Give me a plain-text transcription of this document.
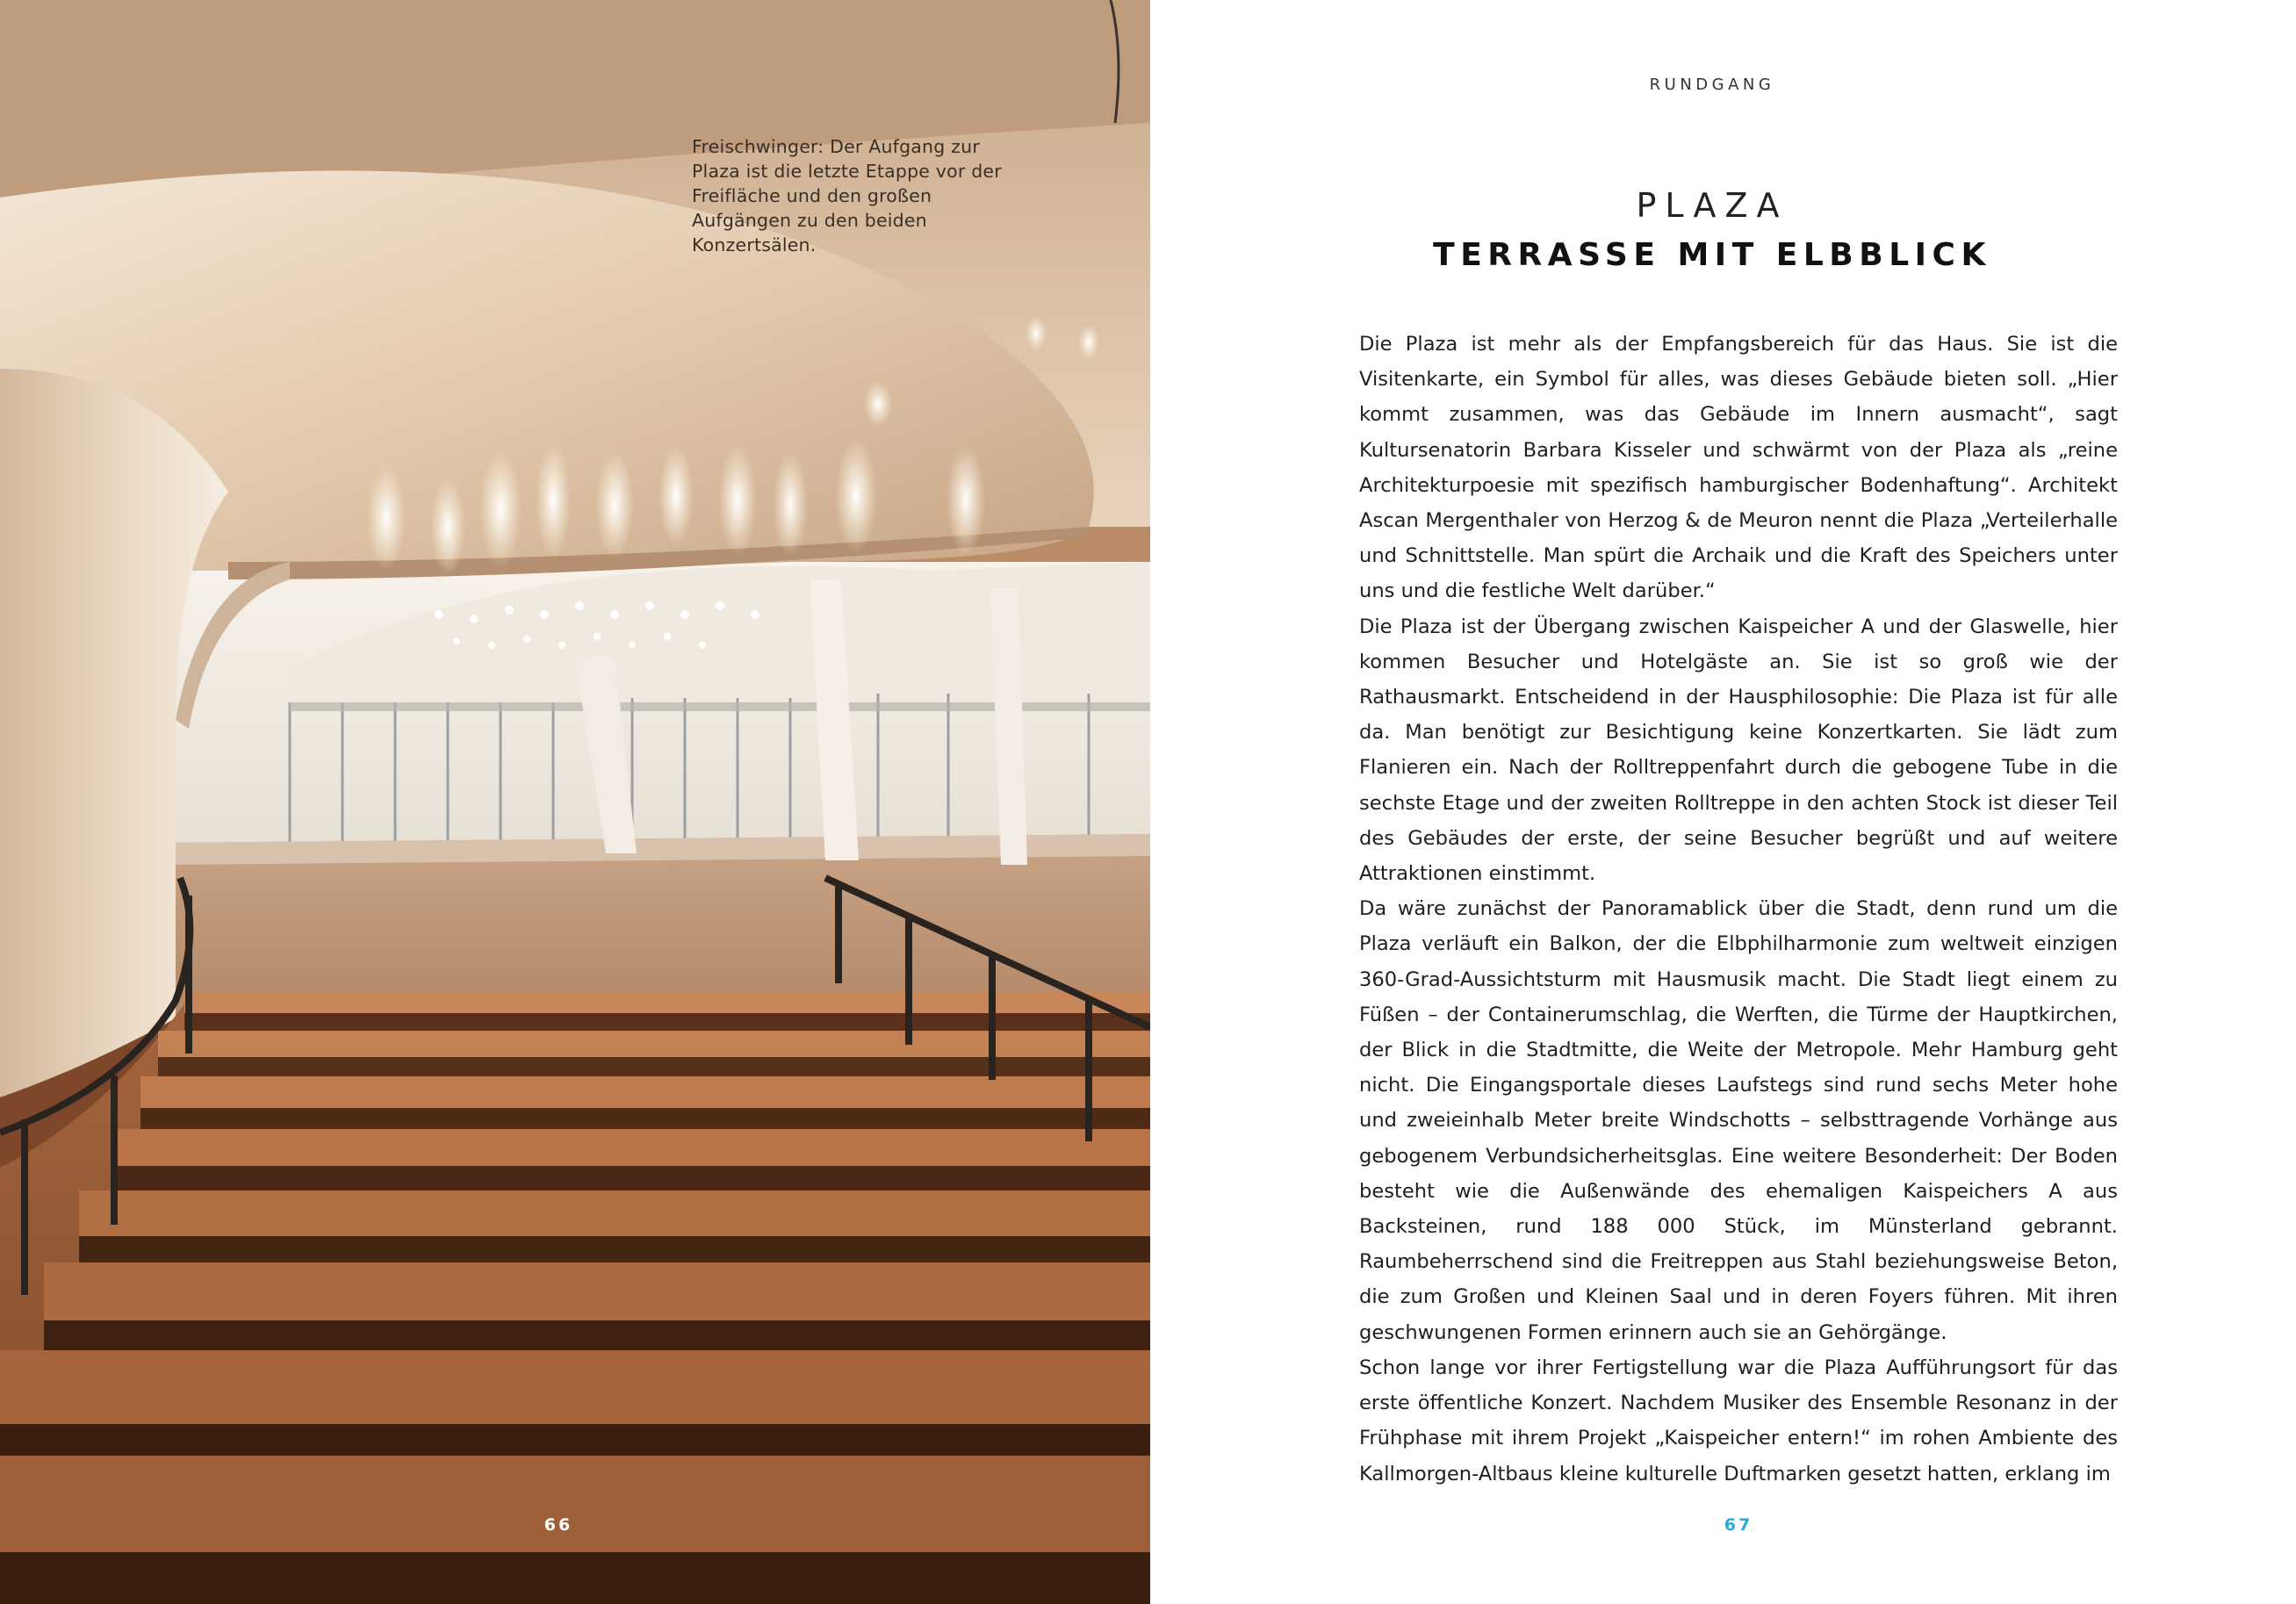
Freischwinger: Der Aufgang zur Plaza ist die letzte Etappe vor der Freifläche und den großen Aufgängen zu den beiden Konzertsälen.
66
RUNDGANG
PLAZA
TERRASSE MIT ELBBLICK

Die Plaza ist mehr als der Empfangsbereich für das Haus. Sie ist die Visitenkarte, ein Symbol für alles, was dieses Gebäude bieten soll. „Hier kommt zusammen, was das Gebäude im Innern ausmacht“, sagt Kultursenatorin Barbara Kisseler und schwärmt von der Plaza als „reine Architekturpoesie mit spezifisch hamburgischer Bodenhaftung“. Architekt Ascan Mergenthaler von Herzog & de Meuron nennt die Plaza „Verteilerhalle und Schnittstelle. Man spürt die Archaik und die Kraft des Speichers unter uns und die festliche Welt darüber.“

Die Plaza ist der Übergang zwischen Kaispeicher A und der Glaswelle, hier kommen Besucher und Hotelgäste an. Sie ist so groß wie der Rathausmarkt. Entscheidend in der Hausphilosophie: Die Plaza ist für alle da. Man benötigt zur Besichtigung keine Konzertkarten. Sie lädt zum Flanieren ein. Nach der Rolltreppenfahrt durch die gebogene Tube in die sechste Etage und der zweiten Rolltreppe in den achten Stock ist dieser Teil des Gebäudes der erste, der seine Besucher begrüßt und auf weitere Attraktionen einstimmt.

Da wäre zunächst der Panoramablick über die Stadt, denn rund um die Plaza verläuft ein Balkon, der die Elbphilharmonie zum weltweit einzigen 360-Grad-Aussichtsturm mit Hausmusik macht. Die Stadt liegt einem zu Füßen – der Containerumschlag, die Werften, die Türme der Hauptkirchen, der Blick in die Stadtmitte, die Weite der Metropole. Mehr Hamburg geht nicht. Die Eingangsportale dieses Laufstegs sind rund sechs Meter hohe und zweieinhalb Meter breite Windschotts – selbsttragende Vorhänge aus gebogenem Verbundsicherheitsglas. Eine weitere Besonderheit: Der Boden besteht wie die Außenwände des ehemaligen Kaispeichers A aus Backsteinen, rund 188 000 Stück, im Münsterland gebrannt. Raumbeherrschend sind die Freitreppen aus Stahl beziehungsweise Beton, die zum Großen und Kleinen Saal und in deren Foyers führen. Mit ihren geschwungenen Formen erinnern auch sie an Gehörgänge.

Schon lange vor ihrer Fertigstellung war die Plaza Aufführungsort für das erste öffentliche Konzert. Nachdem Musiker des Ensemble Resonanz in der Frühphase mit ihrem Projekt „Kaispeicher entern!“ im rohen Ambiente des Kallmorgen-Altbaus kleine kulturelle Duftmarken gesetzt hatten, erklang im

67
